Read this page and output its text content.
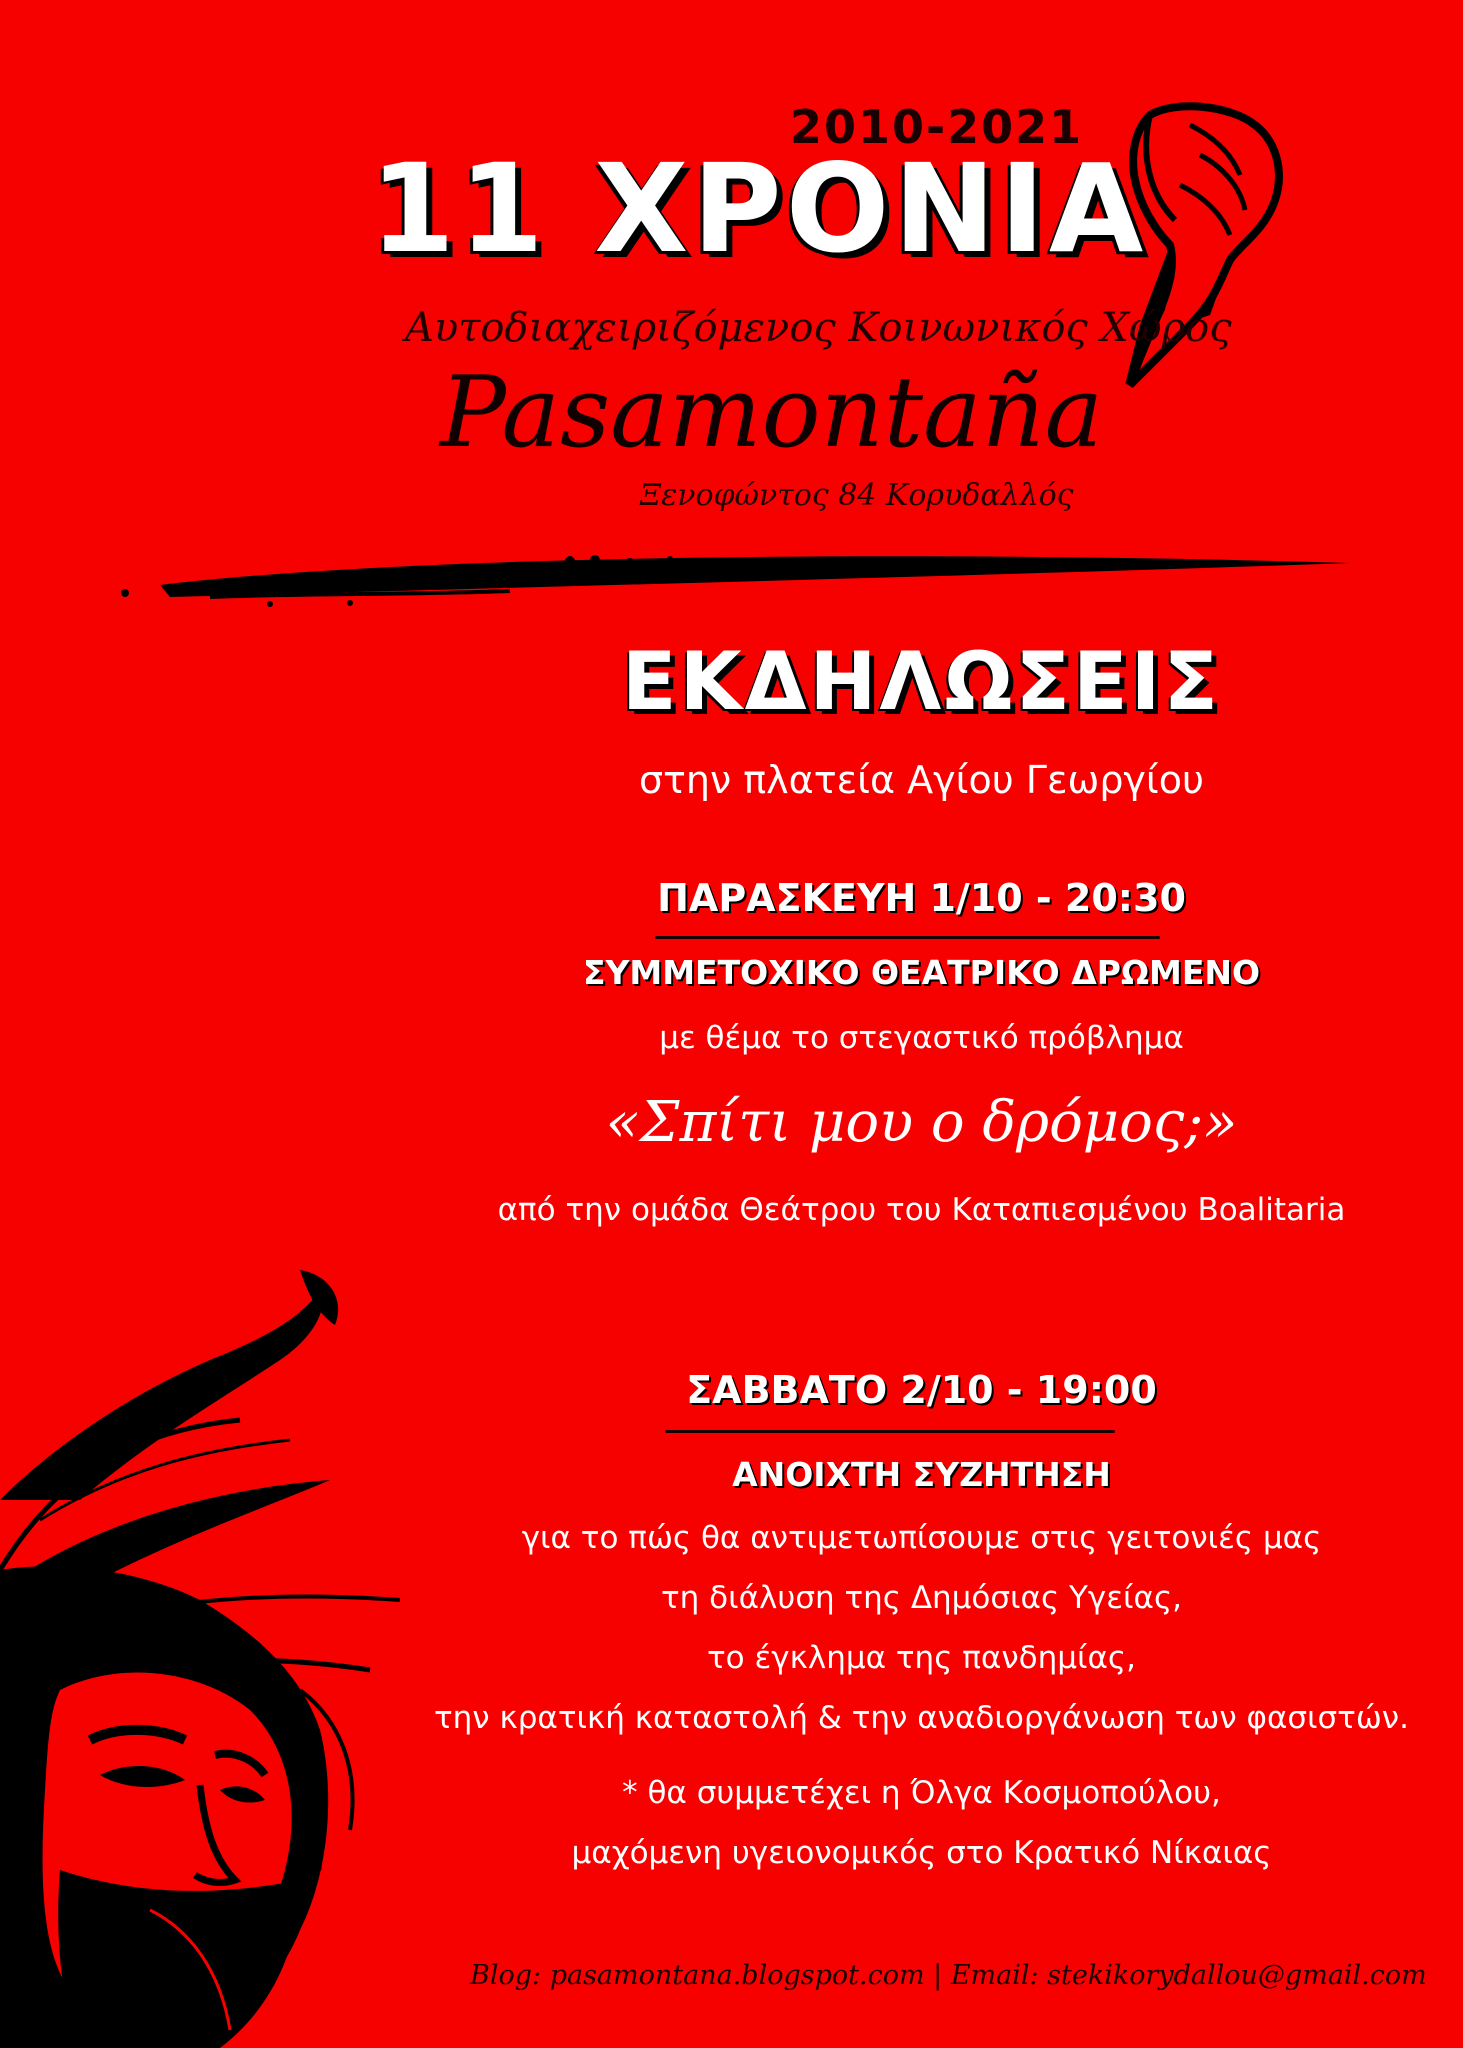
2010-2021
11 ΧΡΟΝΙΑ
Αυτοδιαχειριζόμενος Κοινωνικός Χώρος
Pasamontaña
Ξενοφώντος 84 Κορυδαλλός
ΕΚΔΗΛΩΣΕΙΣ
στην πλατεία Αγίου Γεωργίου
ΠΑΡΑΣΚΕΥΗ 1/10 - 20:30
ΣΥΜΜΕΤΟΧΙΚΟ ΘΕΑΤΡΙΚΟ ΔΡΩΜΕΝΟ
με θέμα το στεγαστικό πρόβλημα
«Σπίτι μου ο δρόμος;»
από την ομάδα Θεάτρου του Καταπιεσμένου Boalitaria
ΣΑΒΒΑΤΟ 2/10 - 19:00
ΑΝΟΙΧΤΗ ΣΥΖΗΤΗΣΗ
για το πώς θα αντιμετωπίσουμε στις γειτονιές μας
τη διάλυση της Δημόσιας Υγείας,
το έγκλημα της πανδημίας,
την κρατική καταστολή & την αναδιοργάνωση των φασιστών.
* θα συμμετέχει η Όλγα Κοσμοπούλου,
μαχόμενη υγειονομικός στο Κρατικό Νίκαιας
Blog: pasamontana.blogspot.com | Email: stekikorydallou@gmail.com
